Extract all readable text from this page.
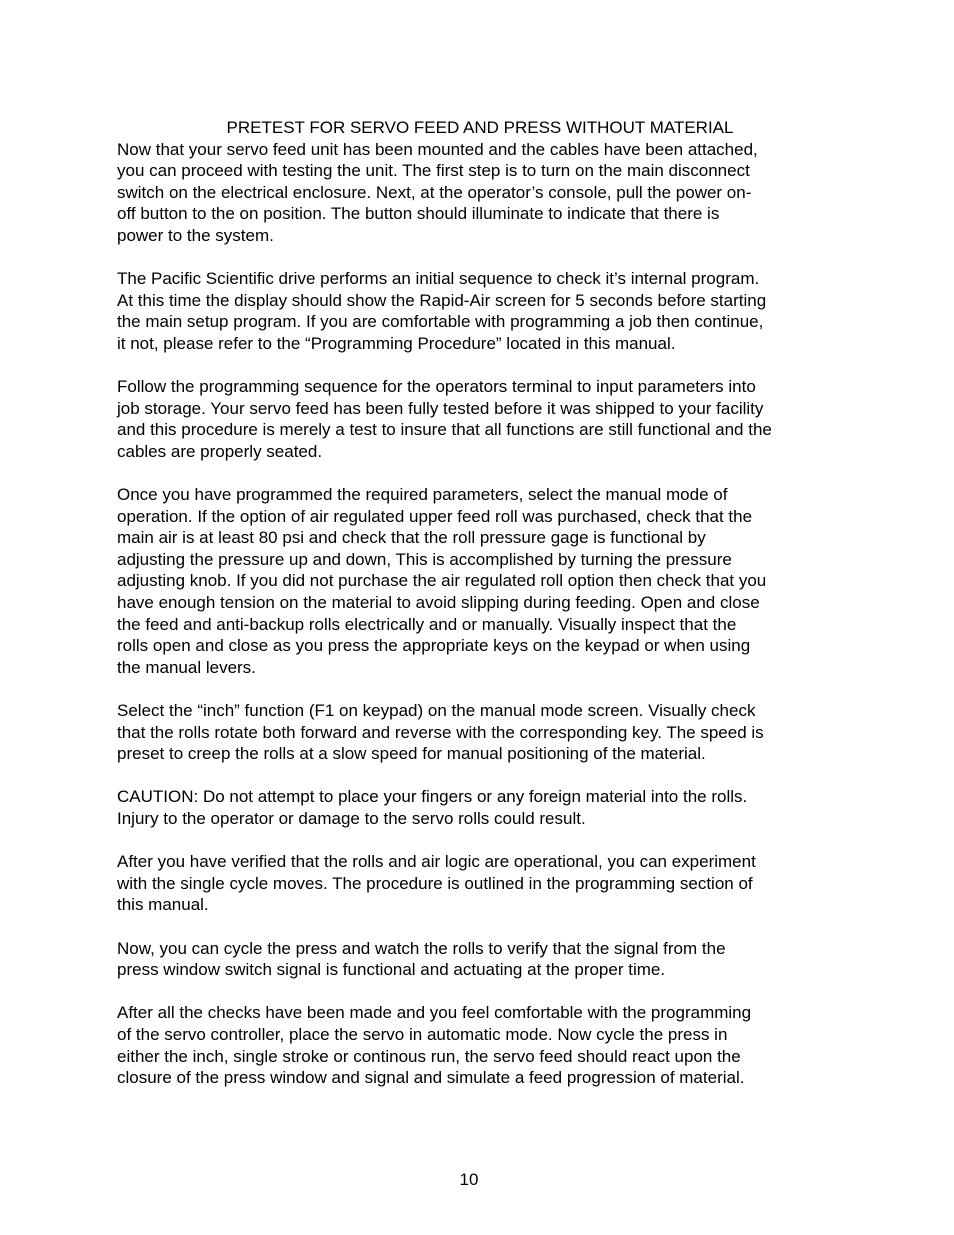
PRETEST FOR SERVO FEED AND PRESS WITHOUT MATERIAL

Now that your servo feed unit has been mounted and the cables have been attached,
you can proceed with testing the unit. The first step is to turn on the main disconnect
switch on the electrical enclosure. Next, at the operator’s console, pull the power on-
off button to the on position. The button should illuminate to indicate that there is
power to the system.

The Pacific Scientific drive performs an initial sequence to check it’s internal program.
At this time the display should show the Rapid-Air screen for 5 seconds before starting
the main setup program. If you are comfortable with programming a job then continue,
it not, please refer to the “Programming Procedure” located in this manual.

Follow the programming sequence for the operators terminal to input parameters into
job storage. Your servo feed has been fully tested before it was shipped to your facility
and this procedure is merely a test to insure that all functions are still functional and the
cables are properly seated.

Once you have programmed the required parameters, select the manual mode of
operation. If the option of air regulated upper feed roll was purchased, check that the
main air is at least 80 psi and check that the roll pressure gage is functional by
adjusting the pressure up and down, This is accomplished by turning the pressure
adjusting knob. If you did not purchase the air regulated roll option then check that you
have enough tension on the material to avoid slipping during feeding. Open and close
the feed and anti-backup rolls electrically and or manually. Visually inspect that the
rolls open and close as you press the appropriate keys on the keypad or when using
the manual levers.

Select the “inch” function (F1 on keypad) on the manual mode screen. Visually check
that the rolls rotate both forward and reverse with the corresponding key. The speed is
preset to creep the rolls at a slow speed for manual positioning of the material.

CAUTION: Do not attempt to place your fingers or any foreign material into the rolls.
Injury to the operator or damage to the servo rolls could result.

After you have verified that the rolls and air logic are operational, you can experiment
with the single cycle moves. The procedure is outlined in the programming section of
this manual.

Now, you can cycle the press and watch the rolls to verify that the signal from the
press window switch signal is functional and actuating at the proper time.

After all the checks have been made and you feel comfortable with the programming
of the servo controller, place the servo in automatic mode. Now cycle the press in
either the inch, single stroke or continous run, the servo feed should react upon the
closure of the press window and signal and simulate a feed progression of material.

10
